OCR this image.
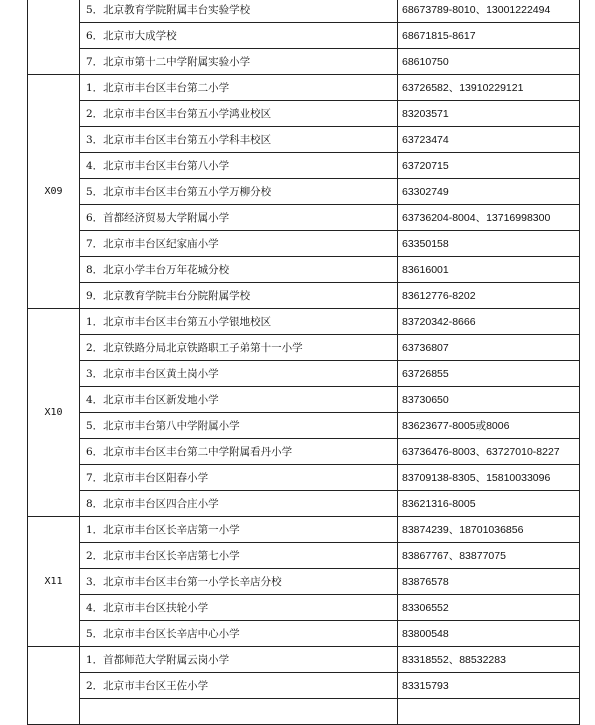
	5．北京教育学院附属丰台实验学校	68673789-8010、13001222494
	6．北京市大成学校	68671815-8617
	7．北京市第十二中学附属实验小学	68610750
X09	1．北京市丰台区丰台第二小学	63726582、13910229121
	2．北京市丰台区丰台第五小学鸿业校区	83203571
	3．北京市丰台区丰台第五小学科丰校区	63723474
	4．北京市丰台区丰台第八小学	63720715
	5．北京市丰台区丰台第五小学万柳分校	63302749
	6．首都经济贸易大学附属小学	63736204-8004、13716998300
	7．北京市丰台区纪家庙小学	63350158
	8．北京小学丰台万年花城分校	83616001
	9．北京教育学院丰台分院附属学校	83612776-8202
X10	1．北京市丰台区丰台第五小学银地校区	83720342-8666
	2．北京铁路分局北京铁路职工子弟第十一小学	63736807
	3．北京市丰台区黄土岗小学	63726855
	4．北京市丰台区新发地小学	83730650
	5．北京市丰台第八中学附属小学	83623677-8005或8006
	6．北京市丰台区丰台第二中学附属看丹小学	63736476-8003、63727010-8227
	7．北京市丰台区阳春小学	83709138-8305、15810033096
	8．北京市丰台区四合庄小学	83621316-8005
X11	1．北京市丰台区长辛店第一小学	83874239、18701036856
	2．北京市丰台区长辛店第七小学	83867767、83877075
	3．北京市丰台区丰台第一小学长辛店分校	83876578
	4．北京市丰台区扶轮小学	83306552
	5．北京市丰台区长辛店中心小学	83800548
	1．首都师范大学附属云岗小学	83318552、88532283
	2．北京市丰台区王佐小学	83315793
